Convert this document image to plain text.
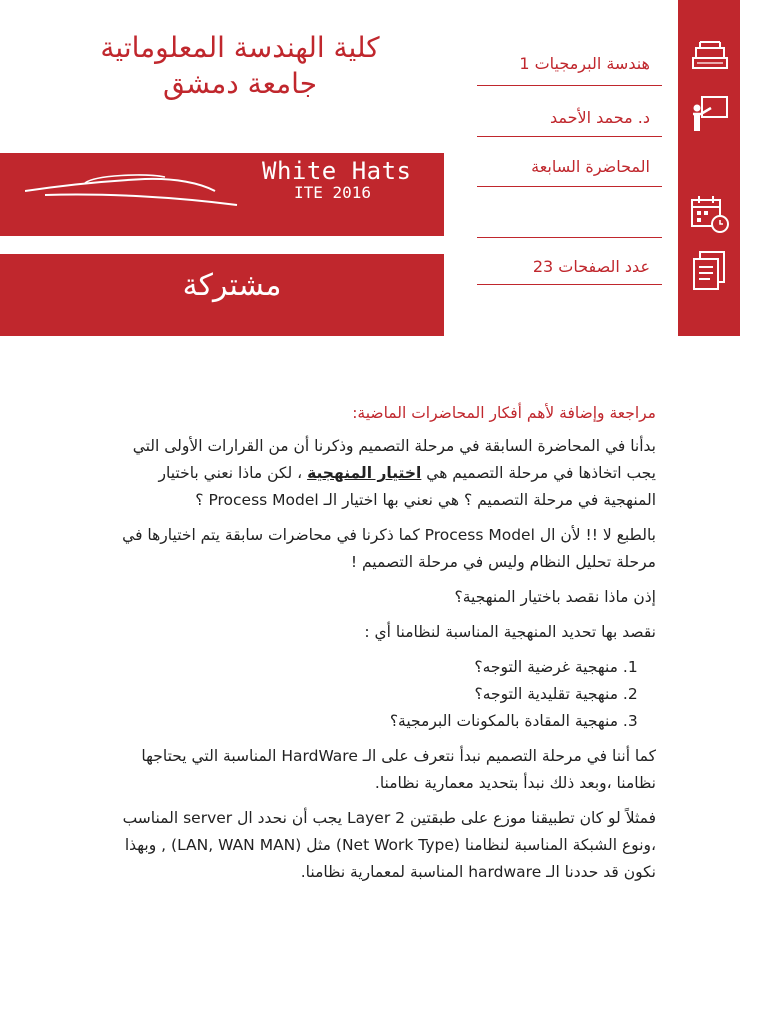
كلية الهندسة المعلوماتية
جامعة دمشق
White Hats
ITE 2016
مشتركة
هندسة البرمجيات 1
د. محمد الأحمد
المحاضرة السابعة
عدد الصفحات 23

مراجعة وإضافة لأهم أفكار المحاضرات الماضية:

بدأنا في المحاضرة السابقة في مرحلة التصميم وذكرنا أن من القرارات الأولى التي يجب اتخاذها في مرحلة التصميم هي اختيار المنهجية ، لكن ماذا نعني باختيار المنهجية في مرحلة التصميم ؟ هي نعني بها اختيار الـ Process Model ؟

بالطبع لا !! لأن ال Process Model كما ذكرنا في محاضرات سابقة يتم اختيارها في مرحلة تحليل النظام وليس في مرحلة التصميم !

إذن ماذا نقصد باختيار المنهجية؟

نقصد بها تحديد المنهجية المناسبة لنظامنا أي :

1. منهجية غرضية التوجه؟
2. منهجية تقليدية التوجه؟
3. منهجية المقادة بالمكونات البرمجية؟

كما أننا في مرحلة التصميم نبدأ نتعرف على الـ HardWare المناسبة التي يحتاجها نظامنا ،وبعد ذلك نبدأ بتحديد معمارية نظامنا.

فمثلاً لو كان تطبيقنا موزع على طبقتين 2 Layer يجب أن نحدد ال server المناسب ،ونوع الشبكة المناسبة لنظامنا (Net Work Type) مثل (LAN, WAN MAN) , وبهذا نكون قد حددنا الـ hardware المناسبة لمعمارية نظامنا.
